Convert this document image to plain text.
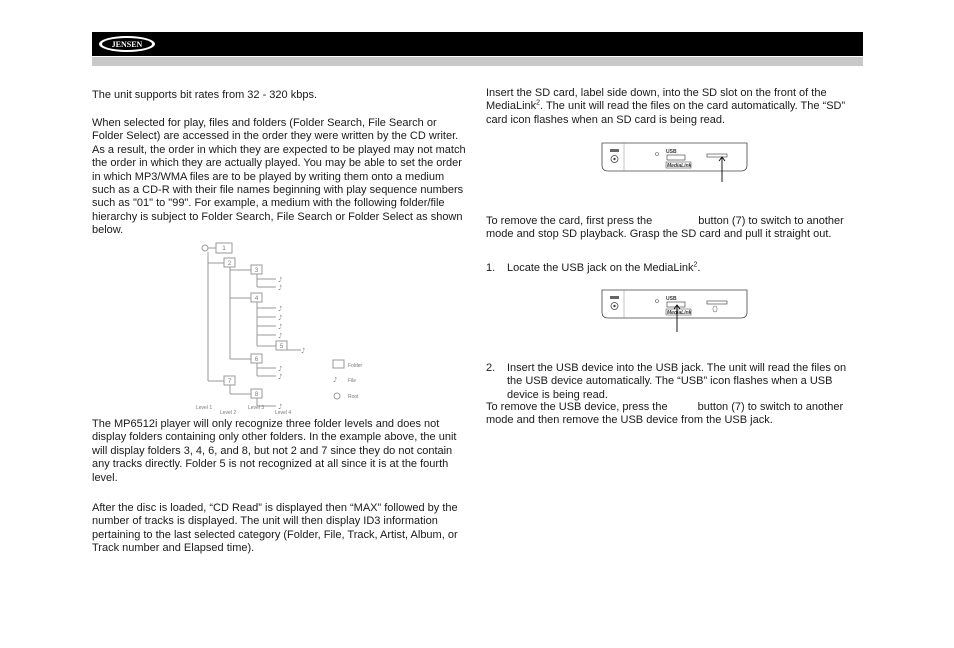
JENSEN

The unit supports bit rates from 32 - 320 kbps.

When selected for play, files and folders (Folder Search, File Search or Folder Select) are accessed in the order they were written by the CD writer. As a result, the order in which they are expected to be played may not match the order in which they are actually played. You may be able to set the order in which MP3/WMA files are to be played by writing them onto a medium such as a CD-R with their file names beginning with play sequence numbers such as "01" to "99". For example, a medium with the following folder/file hierarchy is subject to Folder Search, File Search or Folder Select as shown below.

1
2
3
4
5
6
7
8
♪
♪
♪
♪
♪
♪
♪
♪
♪
♪
♪
Folder
File
Root
Level 1
Level 2
Level 3
Level 4

The MP6512i player will only recognize three folder levels and does not display folders containing only other folders. In the example above, the unit will display folders 3, 4, 6, and 8, but not 2 and 7 since they do not contain any tracks directly. Folder 5 is not recognized at all since it is at the fourth level.

After the disc is loaded, “CD Read” is displayed then “MAX” followed by the number of tracks is displayed. The unit will then display ID3 information pertaining to the last selected category (Folder, File, Track, Artist, Album, or Track number and Elapsed time).

Insert the SD card, label side down, into the SD slot on the front of the MediaLink$^2$. The unit will read the files on the card automatically. The “SD” card icon flashes when an SD card is being read.

USB
MediaLink

To remove the card, first press the	button (7) to switch to another mode and stop SD playback. Grasp the SD card and pull it straight out.

1. Locate the USB jack on the MediaLink$^2$.
USB
MediaLink
2. Insert the USB device into the USB jack. The unit will read the files on the USB device automatically. The “USB” icon flashes when a USB device is being read.

To remove the USB device, press the	button (7) to switch to another mode and then remove the USB device from the USB jack.
